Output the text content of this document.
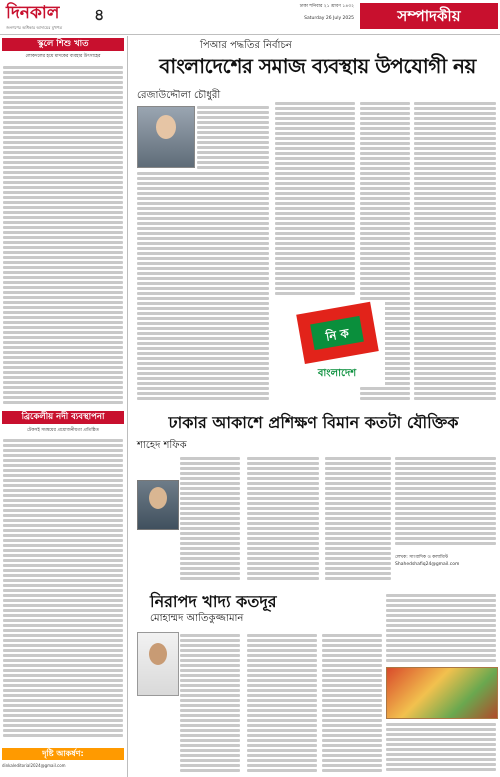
দিনকাল
জনগণের অধিকার আদায়ের মুখপত্র
৪	ঢাকা শনিবার ২১ শ্রাবণ ১৪৩২
Saturday 26 July 2025	সম্পাদকীয়
স্কুলে শিশু খাত
লোকদলের হয়ে মাদকের ব্যবহার উৎসাহের
ব্রিকেলীয় নদী ব্যবস্থাপনা
টেকসই সমন্বয়ের প্রয়োজনীয়তা প্রতিষ্ঠিত
দৃষ্টি আকর্ষণ:
dinkaleditorial2024@gmail.com
পিআর পদ্ধতির নির্বাচন
বাংলাদেশের সমাজ ব্যবস্থায় উপযোগী নয়
রেজাউদ্দৌলা চৌধুরী
নি ক
বাংলাদেশ
ঢাকার আকাশে প্রশিক্ষণ বিমান কতটা যৌক্তিক
শাহেদ শফিক
লেখক: সাংবাদিক ও কলামিস্ট
Shahedshafiq24@gmail.com
নিরাপদ খাদ্য কতদূর
মোহাম্মদ আতিকুজ্জামান
